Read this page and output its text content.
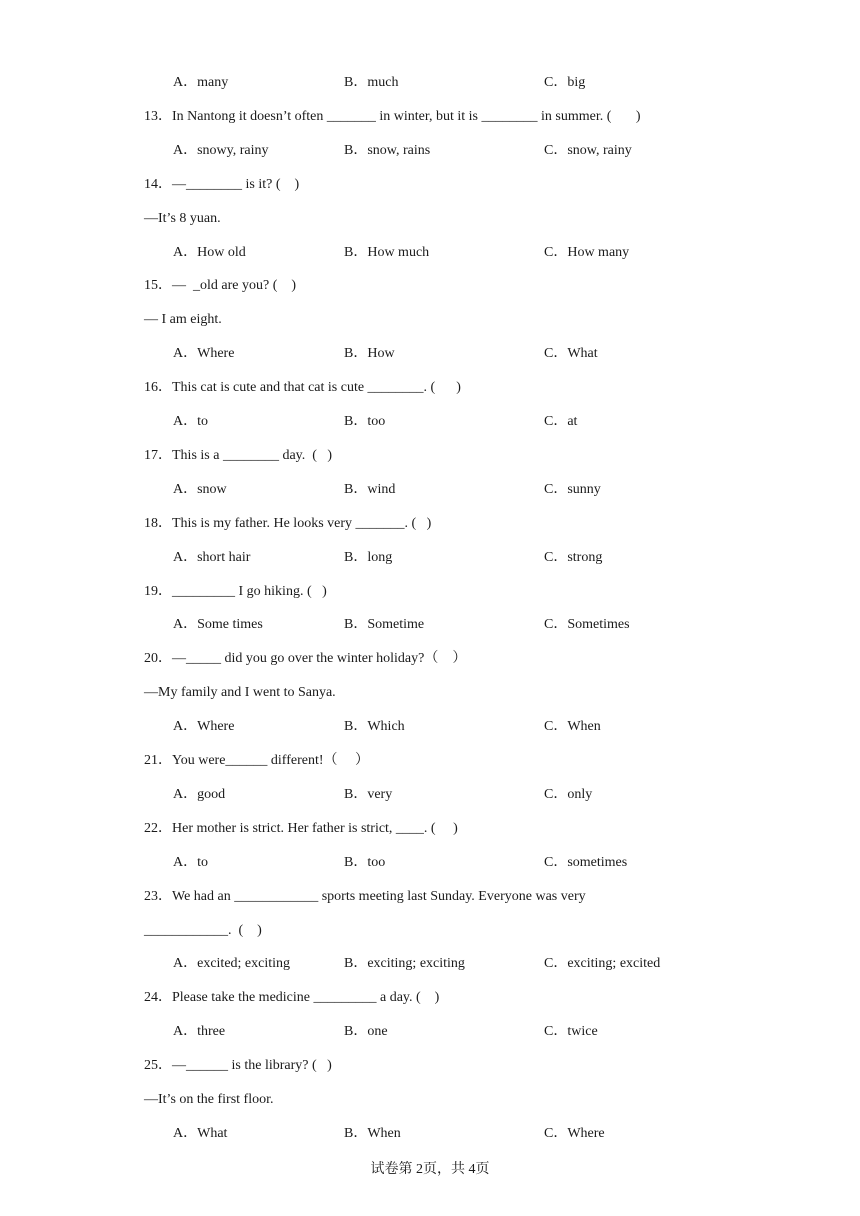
A．many	B．much	C．big
13．In Nantong it doesn’t often _______ in winter, but it is ________ in summer. (       )
A．snowy, rainy	B．snow, rains	C．snow, rainy
14．—________ is it? (    )
—It’s 8 yuan.
A．How old	B．How much	C．How many
15．—  _old are you? (    )
— I am eight.
A．Where	B．How	C．What
16．This cat is cute and that cat is cute ________. (      )
A．to	B．too	C．at
17．This is a ________ day.  (   )
A．snow	B．wind	C．sunny
18．This is my father. He looks very _______. (   )
A．short hair	B．long	C．strong
19．_________ I go hiking. (   )
A．Some times	B．Sometime	C．Sometimes
20．—_____ did you go over the winter holiday?（    ）
—My family and I went to Sanya.
A．Where	B．Which	C．When
21．You were______ different!（     ）
A．good	B．very	C．only
22．Her mother is strict. Her father is strict, ____. (     )
A．to	B．too	C．sometimes
23．We had an ____________ sports meeting last Sunday. Everyone was very
____________.  (    )
A．excited; exciting	B．exciting; exciting	C．exciting; excited
24．Please take the medicine _________ a day. (    )
A．three	B．one	C．twice
25．—______ is the library? (   )
—It’s on the first floor.
A．What	B．When	C．Where
试卷第 2页，共 4页
